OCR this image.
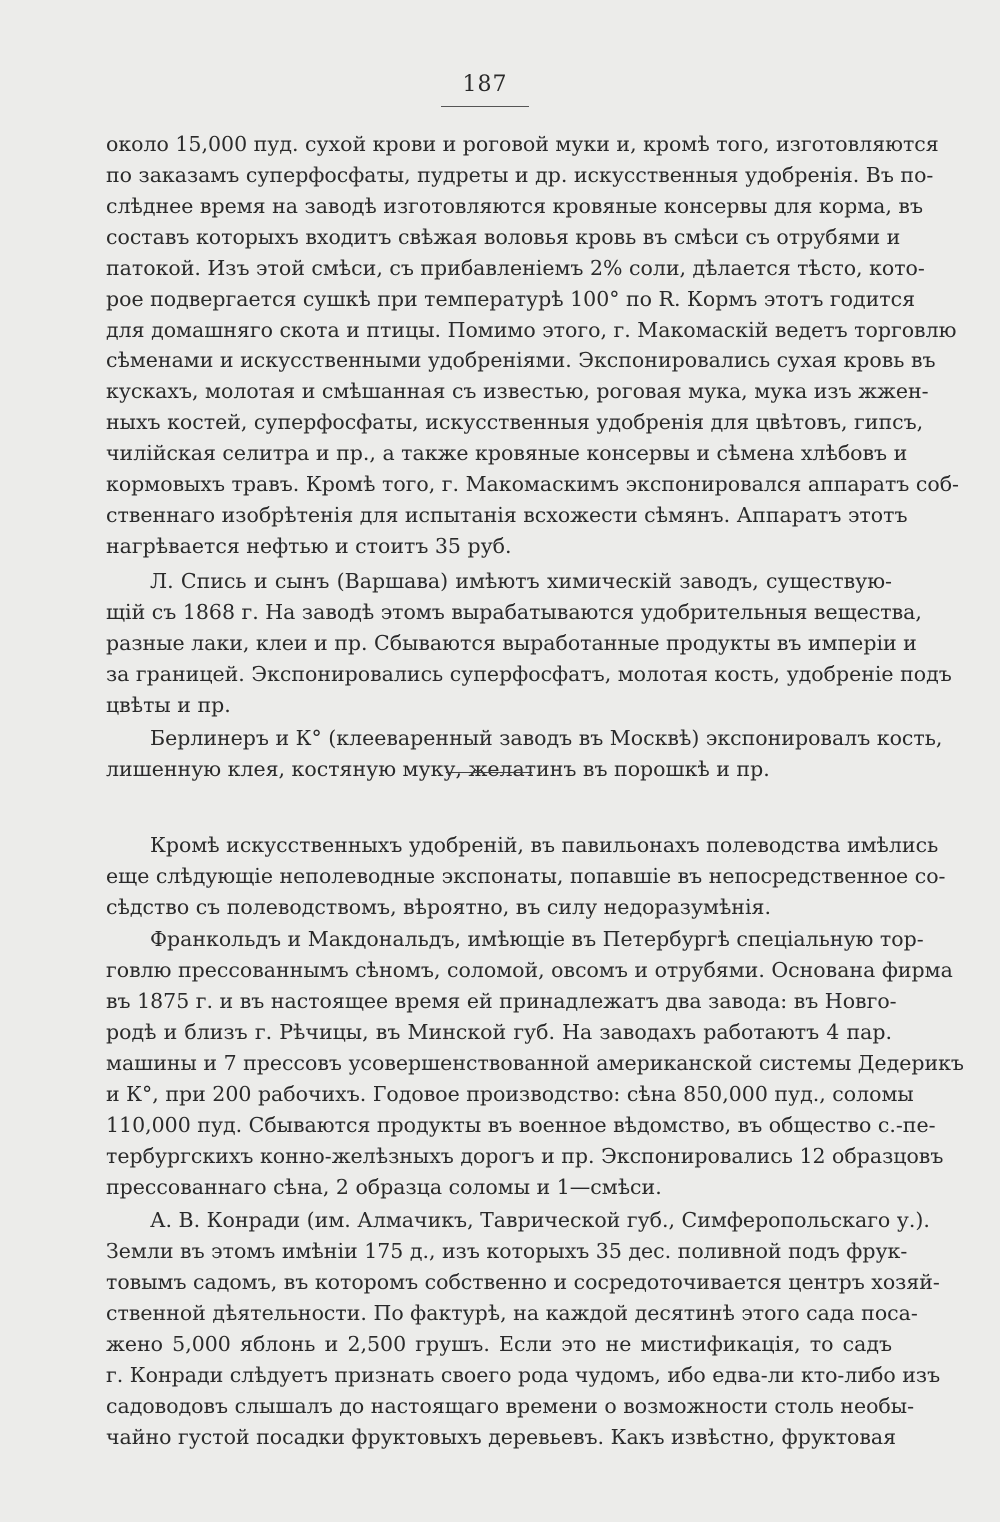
187
около 15,000 пуд. сухой крови и роговой муки и, кромѣ того, изготовляются
по заказамъ суперфосфаты, пудреты и др. искусственныя удобренія. Въ по-
слѣднее время на заводѣ изготовляются кровяные консервы для корма, въ
составъ которыхъ входитъ свѣжая воловья кровь въ смѣси съ отрубями и
патокой. Изъ этой смѣси, съ прибавленіемъ 2% соли, дѣлается тѣсто, кото-
рое подвергается сушкѣ при температурѣ 100° по R. Кормъ этотъ годится
для домашняго скота и птицы. Помимо этого, г. Макомаскій ведетъ торговлю
сѣменами и искусственными удобреніями. Экспонировались сухая кровь въ
кускахъ, молотая и смѣшанная съ известью, роговая мука, мука изъ жжен-
ныхъ костей, суперфосфаты, искусственныя удобренія для цвѣтовъ, гипсъ,
чилійская селитра и пр., а также кровяные консервы и сѣмена хлѣбовъ и
кормовыхъ травъ. Кромѣ того, г. Макомаскимъ экспонировался аппаратъ соб-
ственнаго изобрѣтенія для испытанія всхожести сѣмянъ. Аппаратъ этотъ
нагрѣвается нефтью и стоитъ 35 руб.
Л. Спись и сынъ (Варшава) имѣютъ химическій заводъ, существую-
щій съ 1868 г. На заводѣ этомъ вырабатываются удобрительныя вещества,
разные лаки, клеи и пр. Сбываются выработанные продукты въ имперіи и
за границей. Экспонировались суперфосфатъ, молотая кость, удобреніе подъ
цвѣты и пр.
Берлинеръ и К° (клееваренный заводъ въ Москвѣ) экспонировалъ кость,
лишенную клея, костяную муку, желатинъ въ порошкѣ и пр.
Кромѣ искусственныхъ удобреній, въ павильонахъ полеводства имѣлись
еще слѣдующіе неполеводные экспонаты, попавшіе въ непосредственное со-
сѣдство съ полеводствомъ, вѣроятно, въ силу недоразумѣнія.
Франкольдъ и Макдональдъ, имѣющіе въ Петербургѣ спеціальную тор-
говлю прессованнымъ сѣномъ, соломой, овсомъ и отрубями. Основана фирма
въ 1875 г. и въ настоящее время ей принадлежатъ два завода: въ Новго-
родѣ и близъ г. Рѣчицы, въ Минской губ. На заводахъ работаютъ 4 пар.
машины и 7 прессовъ усовершенствованной американской системы Дедерикъ
и К°, при 200 рабочихъ. Годовое производство: сѣна 850,000 пуд., соломы
110,000 пуд. Сбываются продукты въ военное вѣдомство, въ общество с.-пе-
тербургскихъ конно-желѣзныхъ дорогъ и пр. Экспонировались 12 образцовъ
прессованнаго сѣна, 2 образца соломы и 1—смѣси.
А. В. Конради (им. Алмачикъ, Таврической губ., Симферопольскаго у.).
Земли въ этомъ имѣніи 175 д., изъ которыхъ 35 дес. поливной подъ фрук-
товымъ садомъ, въ которомъ собственно и сосредоточивается центръ хозяй-
ственной дѣятельности. По фактурѣ, на каждой десятинѣ этого сада поса-
жено 5,000 яблонь и 2,500 грушъ. Если это не мистификація, то садъ
г. Конради слѣдуетъ признать своего рода чудомъ, ибо едва-ли кто-либо изъ
садоводовъ слышалъ до настоящаго времени о возможности столь необы-
чайно густой посадки фруктовыхъ деревьевъ. Какъ извѣстно, фруктовая
